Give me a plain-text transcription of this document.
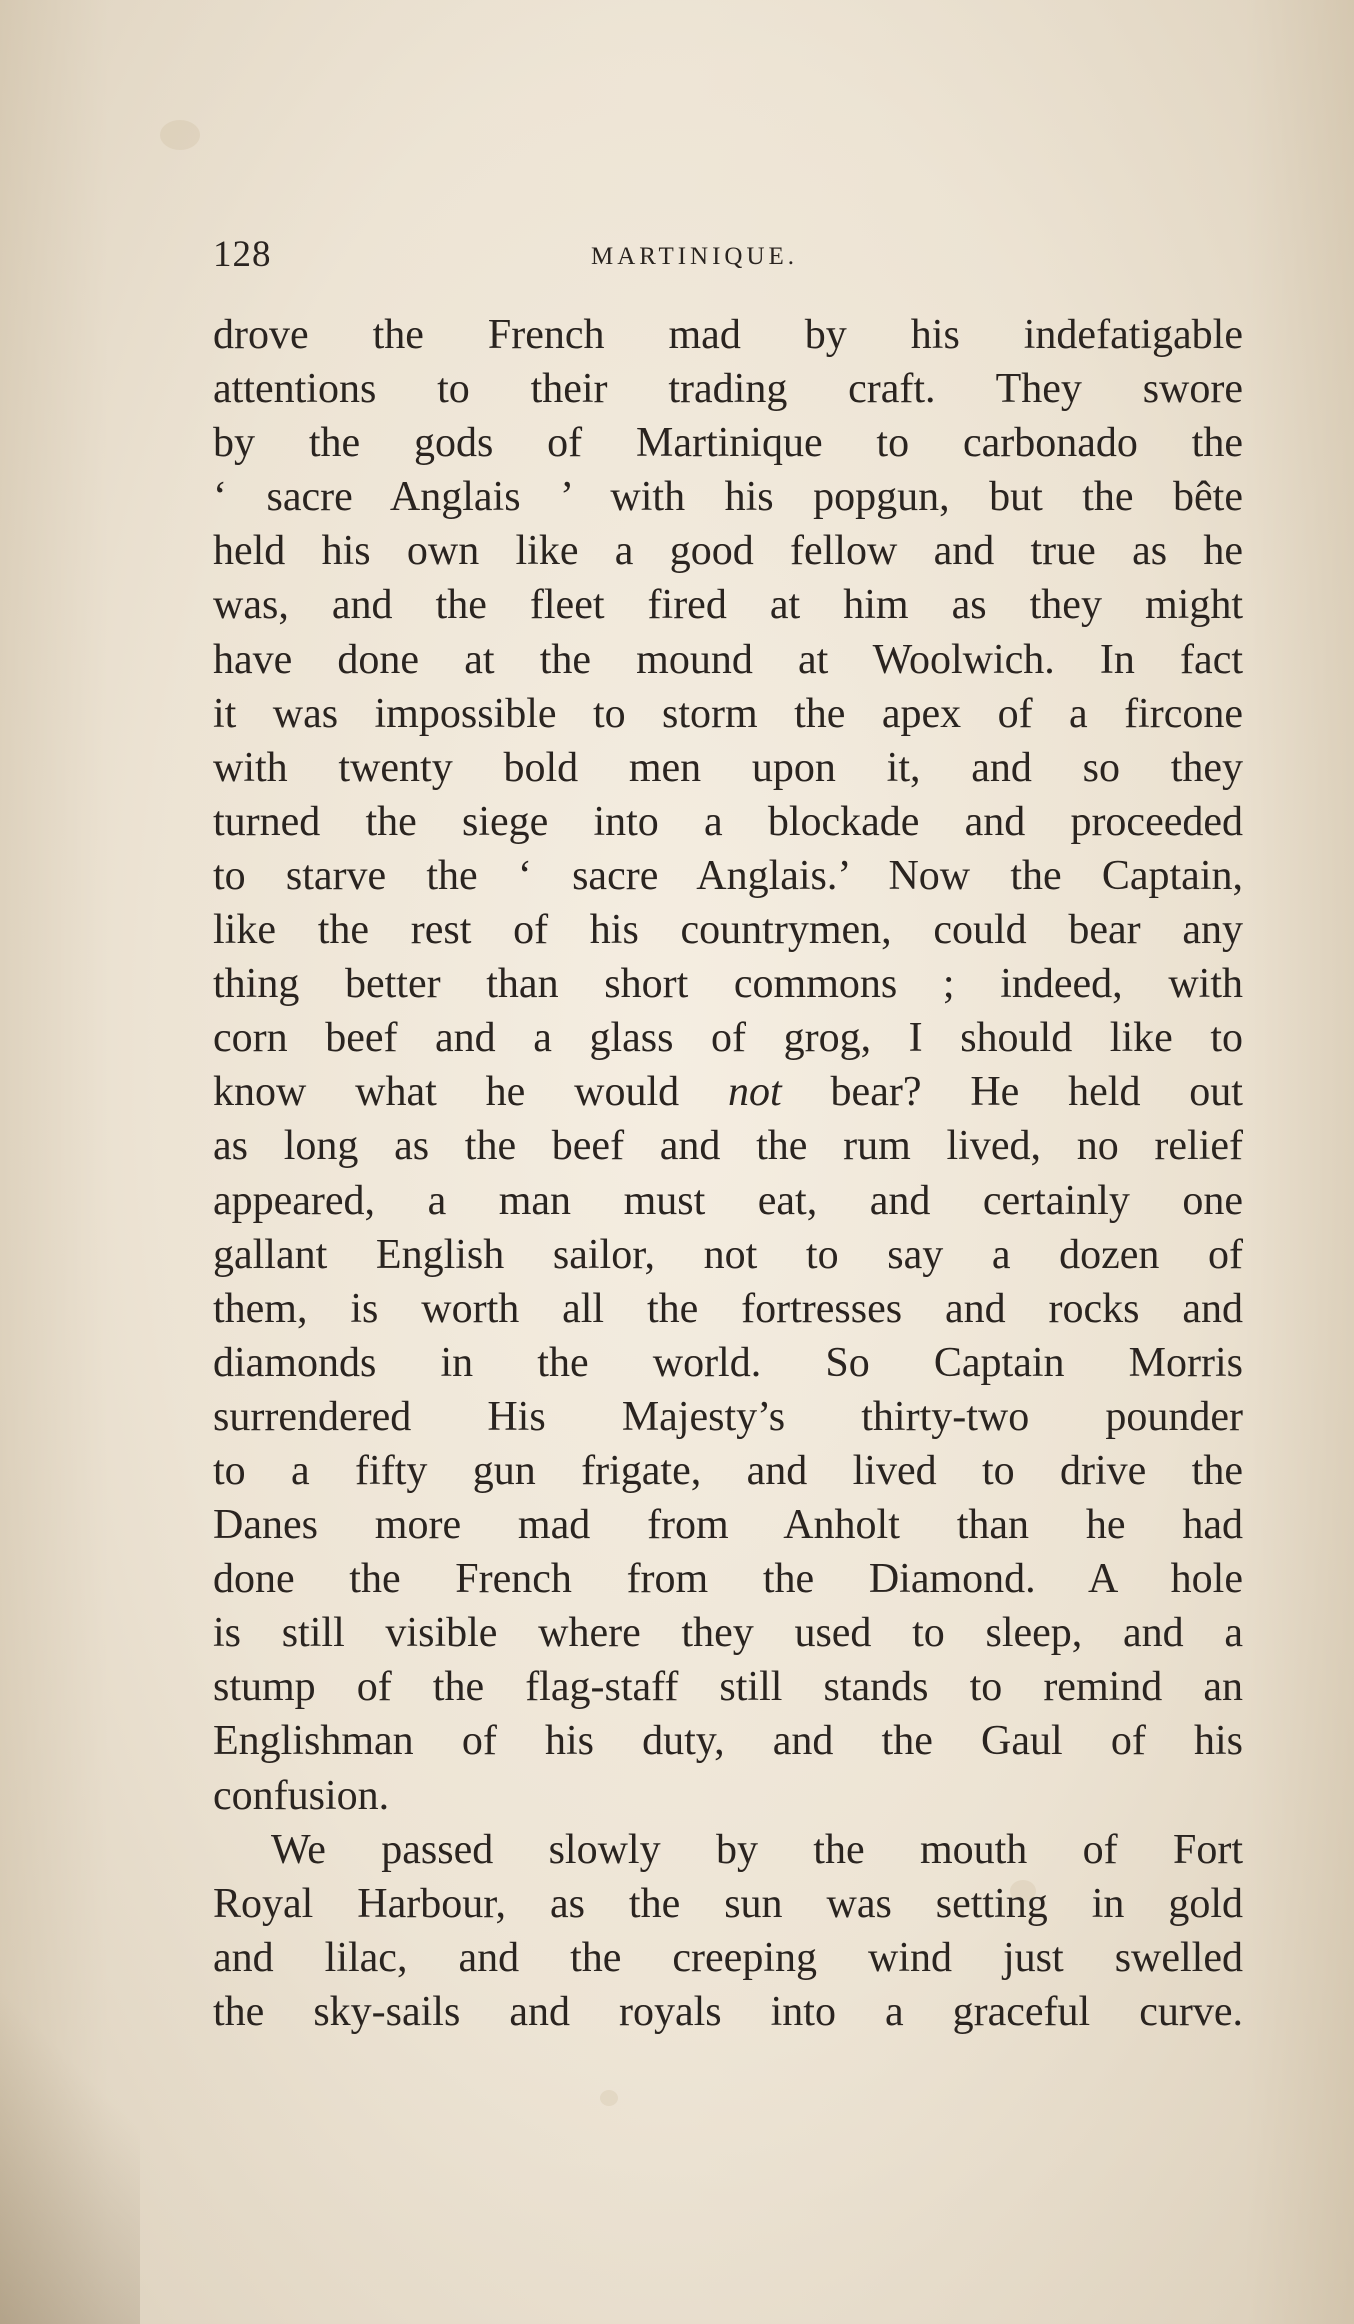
128	MARTINIQUE.
drove the French mad by his indefatigable
attentions to their trading craft. They swore
by the gods of Martinique to carbonado the
‘ sacre Anglais ’ with his popgun, but the bête
held his own like a good fellow and true as he
was, and the fleet fired at him as they might
have done at the mound at Woolwich. In fact
it was impossible to storm the apex of a fircone
with twenty bold men upon it, and so they
turned the siege into a blockade and proceeded
to starve the ‘ sacre Anglais.’ Now the Captain,
like the rest of his countrymen, could bear any
thing better than short commons ; indeed, with
corn beef and a glass of grog, I should like to
know what he would not bear? He held out
as long as the beef and the rum lived, no relief
appeared, a man must eat, and certainly one
gallant English sailor, not to say a dozen of
them, is worth all the fortresses and rocks and
diamonds in the world. So Captain Morris
surrendered His Majesty’s thirty-two pounder
to a fifty gun frigate, and lived to drive the
Danes more mad from Anholt than he had
done the French from the Diamond. A hole
is still visible where they used to sleep, and a
stump of the flag-staff still stands to remind an
Englishman of his duty, and the Gaul of his
confusion.
We passed slowly by the mouth of Fort
Royal Harbour, as the sun was setting in gold
and lilac, and the creeping wind just swelled
the sky-sails and royals into a graceful curve.
